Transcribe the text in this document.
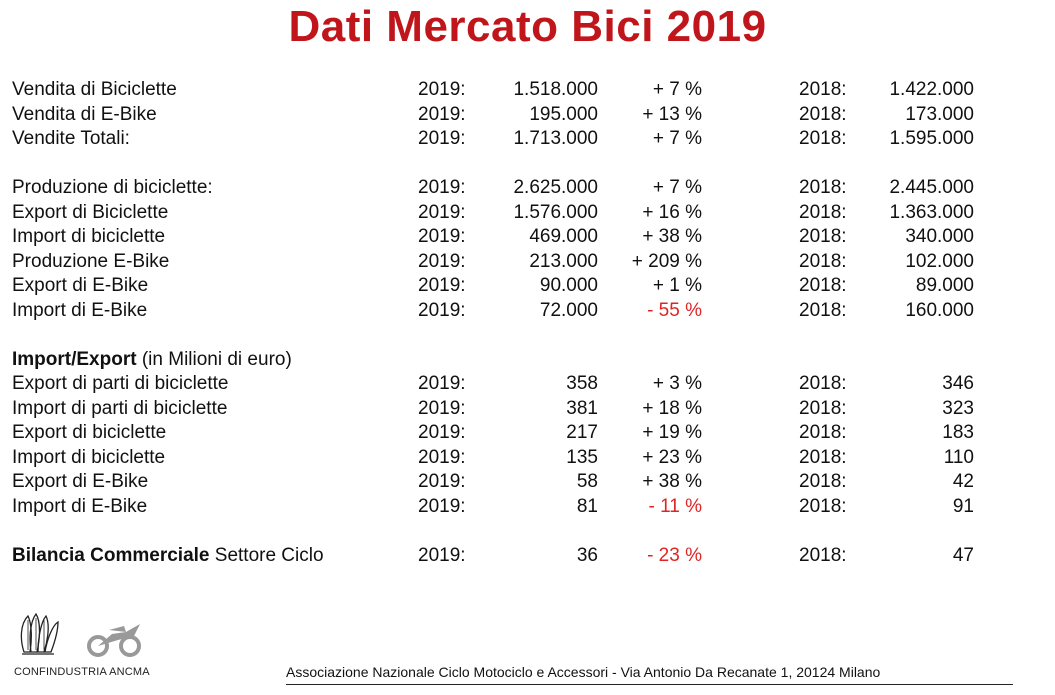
Dati Mercato Bici 2019
Vendita di Biciclette	2019:	1.518.000	+ 7 %	2018:	1.422.000
Vendita di E-Bike	2019:	195.000	+ 13 %	2018:	173.000
Vendite Totali:	2019:	1.713.000	+ 7 %	2018:	1.595.000
Produzione di biciclette:	2019:	2.625.000	+ 7 %	2018:	2.445.000
Export di Biciclette	2019:	1.576.000	+ 16 %	2018:	1.363.000
Import di biciclette	2019:	469.000	+ 38 %	2018:	340.000
Produzione E-Bike	2019:	213.000	+ 209 %	2018:	102.000
Export di E-Bike	2019:	90.000	+ 1 %	2018:	89.000
Import di E-Bike	2019:	72.000	- 55 %	2018:	160.000
Import/Export (in Milioni di euro)
Export di parti di biciclette	2019:	358	+ 3 %	2018:	346
Import di parti di biciclette	2019:	381	+ 18 %	2018:	323
Export di biciclette	2019:	217	+ 19 %	2018:	183
Import di biciclette	2019:	135	+ 23 %	2018:	110
Export di E-Bike	2019:	58	+ 38 %	2018:	42
Import di E-Bike	2019:	81	- 11 %	2018:	91
Bilancia Commerciale Settore Ciclo	2019:	36	- 23 %	2018:	47
CONFINDUSTRIA ANCMA	Associazione Nazionale Ciclo Motociclo e Accessori - Via Antonio Da Recanate 1, 20124 Milano
